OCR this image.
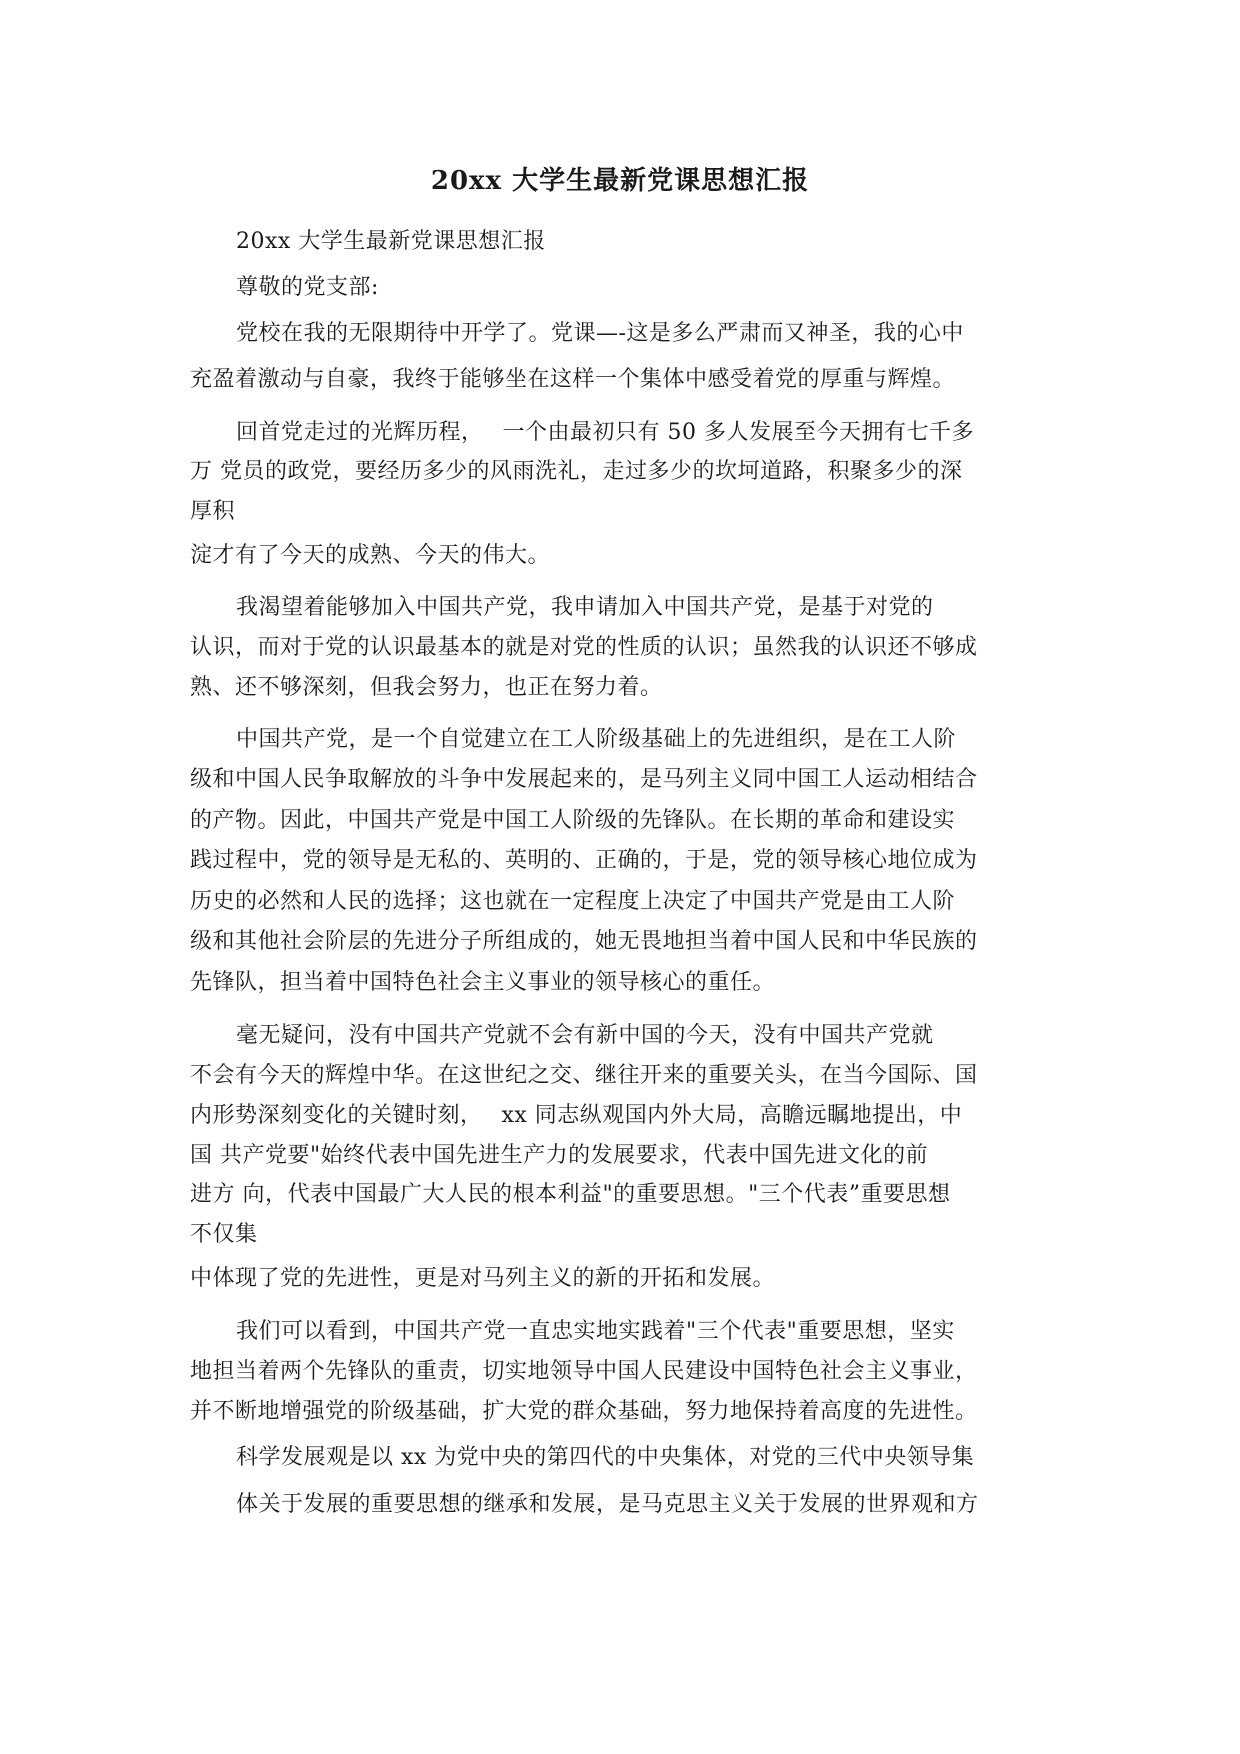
20xx 大学生最新党课思想汇报
20xx 大学生最新党课思想汇报
尊敬的党支部:
党校在我的无限期待中开学了。党课—-这是多么严肃而又神圣，我的心中
充盈着激动与自豪，我终于能够坐在这样一个集体中感受着党的厚重与辉煌。
回首党走过的光辉历程，　 一个由最初只有 50 多人发展至今天拥有七千多
万 党员的政党，要经历多少的风雨洗礼，走过多少的坎坷道路，积聚多少的深
厚积
淀才有了今天的成熟、今天的伟大。
我渴望着能够加入中国共产党，我申请加入中国共产党，是基于对党的
认识，而对于党的认识最基本的就是对党的性质的认识；虽然我的认识还不够成
熟、还不够深刻，但我会努力，也正在努力着。
中国共产党，是一个自觉建立在工人阶级基础上的先进组织，是在工人阶
级和中国人民争取解放的斗争中发展起来的，是马列主义同中国工人运动相结合
的产物。因此，中国共产党是中国工人阶级的先锋队。在长期的革命和建设实
践过程中，党的领导是无私的、英明的、正确的，于是，党的领导核心地位成为
历史的必然和人民的选择；这也就在一定程度上决定了中国共产党是由工人阶
级和其他社会阶层的先进分子所组成的，她无畏地担当着中国人民和中华民族的
先锋队，担当着中国特色社会主义事业的领导核心的重任。
毫无疑问，没有中国共产党就不会有新中国的今天，没有中国共产党就
不会有今天的辉煌中华。在这世纪之交、继往开来的重要关头，在当今国际、国
内形势深刻变化的关键时刻，　 xx 同志纵观国内外大局，高瞻远瞩地提出，中
国 共产党要"始终代表中国先进生产力的发展要求，代表中国先进文化的前
进方 向，代表中国最广大人民的根本利益"的重要思想。"三个代表”重要思想
不仅集
中体现了党的先进性，更是对马列主义的新的开拓和发展。
我们可以看到，中国共产党一直忠实地实践着"三个代表"重要思想，坚实
地担当着两个先锋队的重责，切实地领导中国人民建设中国特色社会主义事业，
并不断地增强党的阶级基础，扩大党的群众基础，努力地保持着高度的先进性。
科学发展观是以 xx 为党中央的第四代的中央集体，对党的三代中央领导集
体关于发展的重要思想的继承和发展，是马克思主义关于发展的世界观和方
